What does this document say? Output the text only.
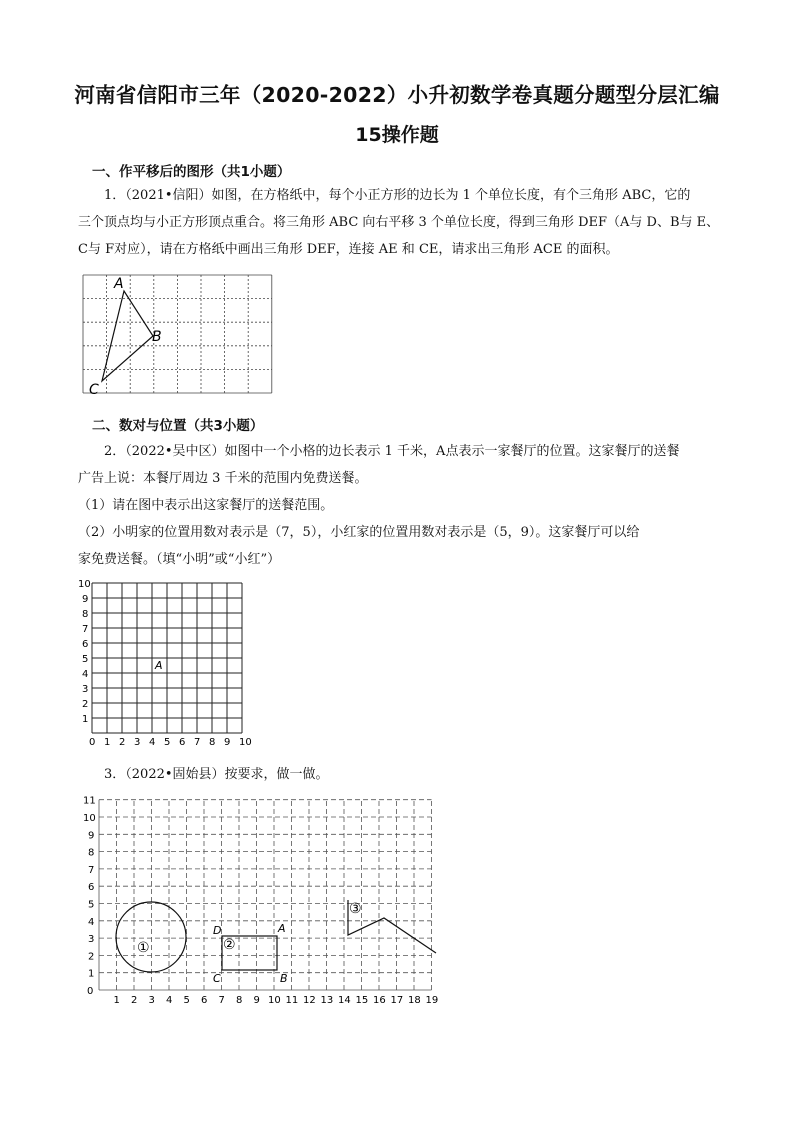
河南省信阳市三年（2020-2022）小升初数学卷真题分题型分层汇编
15操作题
一、作平移后的图形（共1小题）
1．（2021•信阳）如图，在方格纸中，每个小正方形的边长为 1 个单位长度，有个三角形 ABC，它的
三个顶点均与小正方形顶点重合。将三角形 ABC 向右平移 3 个单位长度，得到三角形 DEF（A与 D、B与 E、
C与 F对应），请在方格纸中画出三角形 DEF，连接 AE 和 CE，请求出三角形 ACE 的面积。
A
B
C
二、数对与位置（共3小题）
2．（2022•吴中区）如图中一个小格的边长表示 1 千米，A点表示一家餐厅的位置。这家餐厅的送餐
广告上说：本餐厅周边 3 千米的范围内免费送餐。
（1）请在图中表示出这家餐厅的送餐范围。
（2）小明家的位置用数对表示是（7，5），小红家的位置用数对表示是（5，9）。这家餐厅可以给
家免费送餐。（填“小明”或“小红”）
0 1 2 3 4 5 6 7 8 9 10
1
2
3
4
5
6
7
8
9
10
A
3．（2022•固始县）按要求，做一做。
1 2 3 4 5 6 7 8 9 10 11 12 13 14 15 16 17 18 19
0
1
2
3
4
5
6
7
8
9
10
11
①	②
D	A
C	B
③
